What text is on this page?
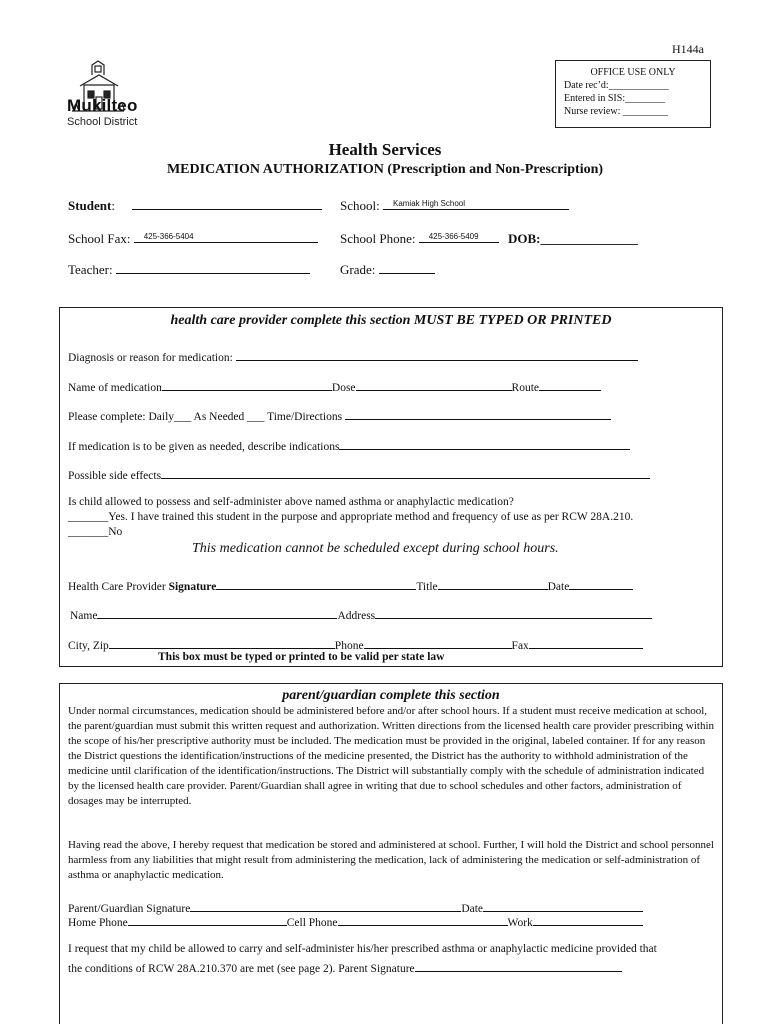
H144a
OFFICE USE ONLY
Date rec’d:____________
Entered in SIS:________
Nurse review: _________
Mukilteo
School District
Health Services
MEDICATION AUTHORIZATION (Prescription and Non-Prescription)
Student:	School: Kamiak High School
School Fax: 425-366-5404	School Phone: 425-366-5409 DOB:_______________
Teacher:	Grade:
health care provider complete this section MUST BE TYPED OR PRINTED
Diagnosis or reason for medication:
Name of medication	Dose	Route
Please complete: Daily___ As Needed ___ Time/Directions
If medication is to be given as needed, describe indications
Possible side effects
Is child allowed to possess and self-administer above named asthma or anaphylactic medication?
_______Yes. I have trained this student in the purpose and appropriate method and frequency of use as per RCW 28A.210.
_______No
This medication cannot be scheduled except during school hours.
Health Care Provider Signature	Title	Date
Name	Address
City, Zip	Phone	Fax
This box must be typed or printed to be valid per state law
parent/guardian complete this section
Under normal circumstances, medication should be administered before and/or after school hours. If a student must receive medication at school, the parent/guardian must submit this written request and authorization. Written directions from the licensed health care provider prescribing within the scope of his/her prescriptive authority must be included. The medication must be provided in the original, labeled container. If for any reason the District questions the identification/instructions of the medicine presented, the District has the authority to withhold administration of the medicine until clarification of the identification/instructions. The District will substantially comply with the schedule of administration indicated by the licensed health care provider. Parent/Guardian shall agree in writing that due to school schedules and other factors, administration of dosages may be interrupted.
Having read the above, I hereby request that medication be stored and administered at school. Further, I will hold the District and school personnel harmless from any liabilities that might result from administering the medication, lack of administering the medication or self-administration of asthma or anaphylactic medication.
Parent/Guardian Signature	Date
Home Phone	Cell Phone	Work
I request that my child be allowed to carry and self-administer his/her prescribed asthma or anaphylactic medicine provided that
the conditions of RCW 28A.210.370 are met (see page 2). Parent Signature
